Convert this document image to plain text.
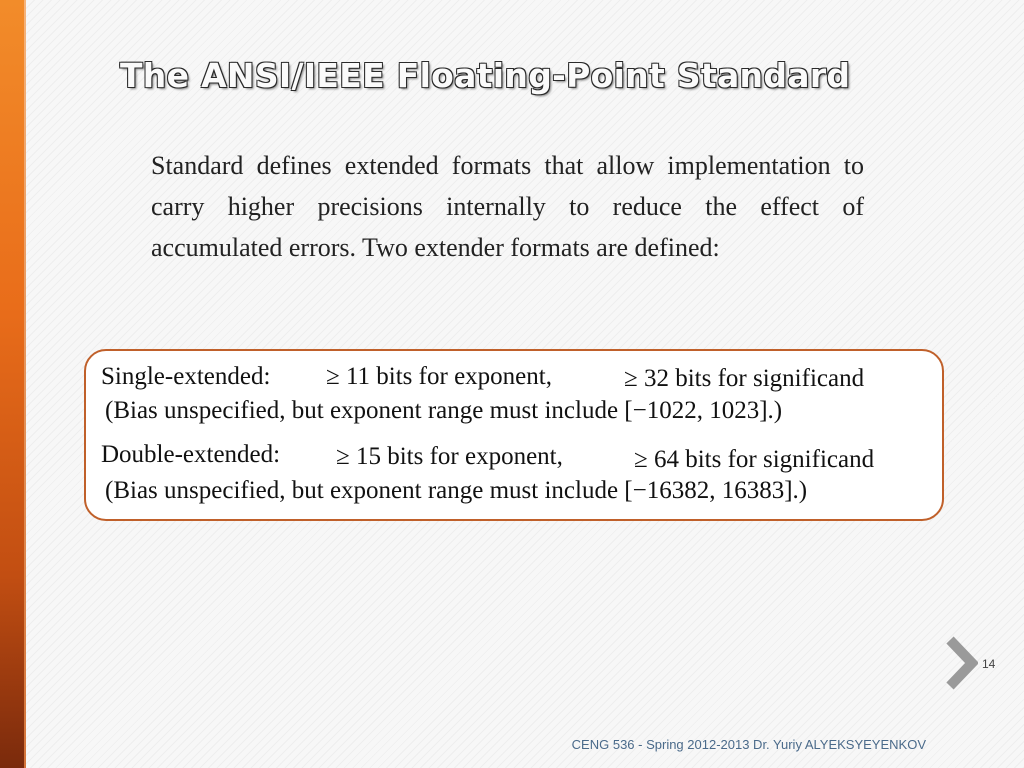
The ANSI/IEEE Floating-Point Standard

Standard defines extended formats that allow implementation to carry higher precisions internally to reduce the effect of accumulated errors. Two extender formats are defined:

Single-extended: ≥ 11 bits for exponent,	≥ 32 bits for significand
(Bias unspecified, but exponent range must include [−1022, 1023].)
Double-extended: ≥ 15 bits for exponent,	≥ 64 bits for significand
(Bias unspecified, but exponent range must include [−16382, 16383].)
14
CENG 536 - Spring 2012-2013 Dr. Yuriy ALYEKSYEYENKOV
